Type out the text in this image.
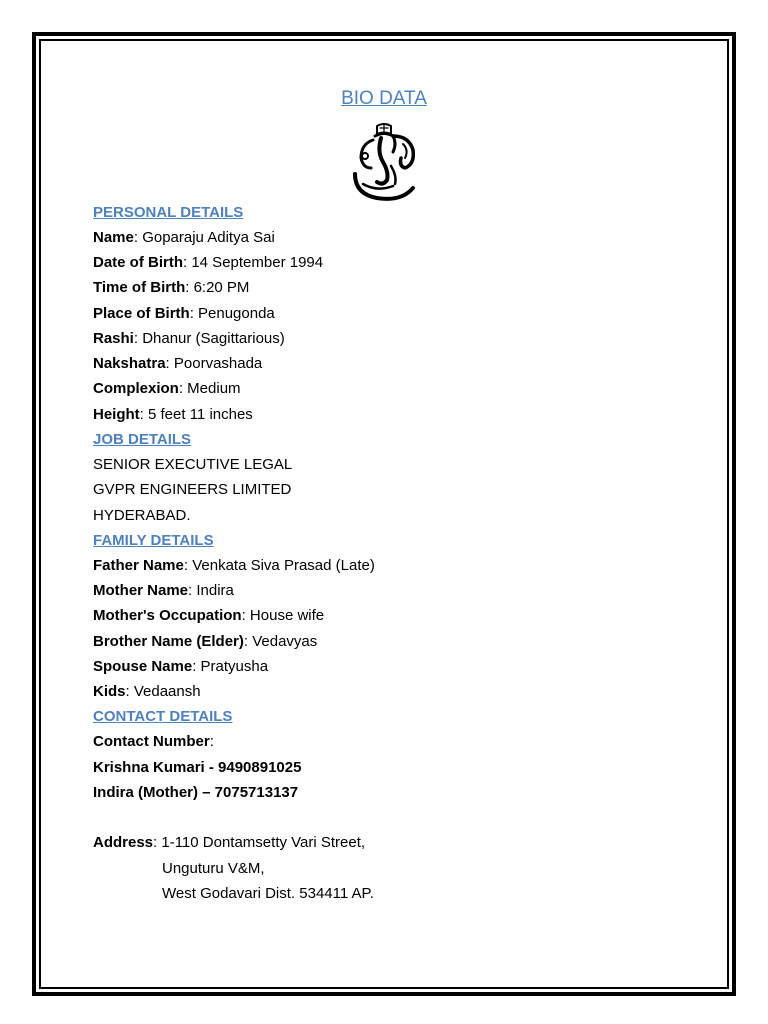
BIO DATA
PERSONAL DETAILS
Name: Goparaju Aditya Sai
Date of Birth: 14 September 1994
Time of Birth: 6:20 PM
Place of Birth: Penugonda
Rashi: Dhanur (Sagittarious)
Nakshatra: Poorvashada
Complexion: Medium
Height: 5 feet 11 inches
JOB DETAILS
SENIOR EXECUTIVE LEGAL
GVPR ENGINEERS LIMITED
HYDERABAD.
FAMILY DETAILS
Father Name: Venkata Siva Prasad (Late)
Mother Name: Indira
Mother's Occupation: House wife
Brother Name (Elder): Vedavyas
Spouse Name: Pratyusha
Kids: Vedaansh
CONTACT DETAILS
Contact Number:
Krishna Kumari - 9490891025
Indira (Mother) – 7075713137
Address: 1-110 Dontamsetty Vari Street,
Unguturu V&M,
West Godavari Dist. 534411 AP.
